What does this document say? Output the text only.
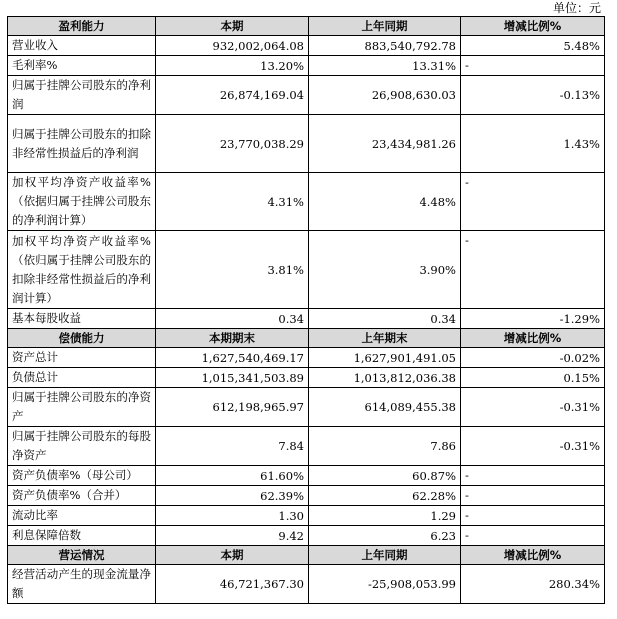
单位：元
盈利能力	本期	上年同期	增减比例%
营业收入	932,002,064.08	883,540,792.78	5.48%
毛利率%	13.20%	13.31%	-
归属于挂牌公司股东的净利润	26,874,169.04	26,908,630.03	-0.13%
归属于挂牌公司股东的扣除非经常性损益后的净利润	23,770,038.29	23,434,981.26	1.43%
加权平均净资产收益率%（依据归属于挂牌公司股东的净利润计算）	4.31%	4.48%	-
加权平均净资产收益率%（依归属于挂牌公司股东的扣除非经常性损益后的净利润计算）	3.81%	3.90%	-
基本每股收益	0.34	0.34	-1.29%
偿债能力	本期期末	上年期末	增减比例%
资产总计	1,627,540,469.17	1,627,901,491.05	-0.02%
负债总计	1,015,341,503.89	1,013,812,036.38	0.15%
归属于挂牌公司股东的净资产	612,198,965.97	614,089,455.38	-0.31%
归属于挂牌公司股东的每股净资产	7.84	7.86	-0.31%
资产负债率%（母公司）	61.60%	60.87%	-
资产负债率%（合并）	62.39%	62.28%	-
流动比率	1.30	1.29	-
利息保障倍数	9.42	6.23	-
营运情况	本期	上年同期	增减比例%
经营活动产生的现金流量净额	46,721,367.30	-25,908,053.99	280.34%
